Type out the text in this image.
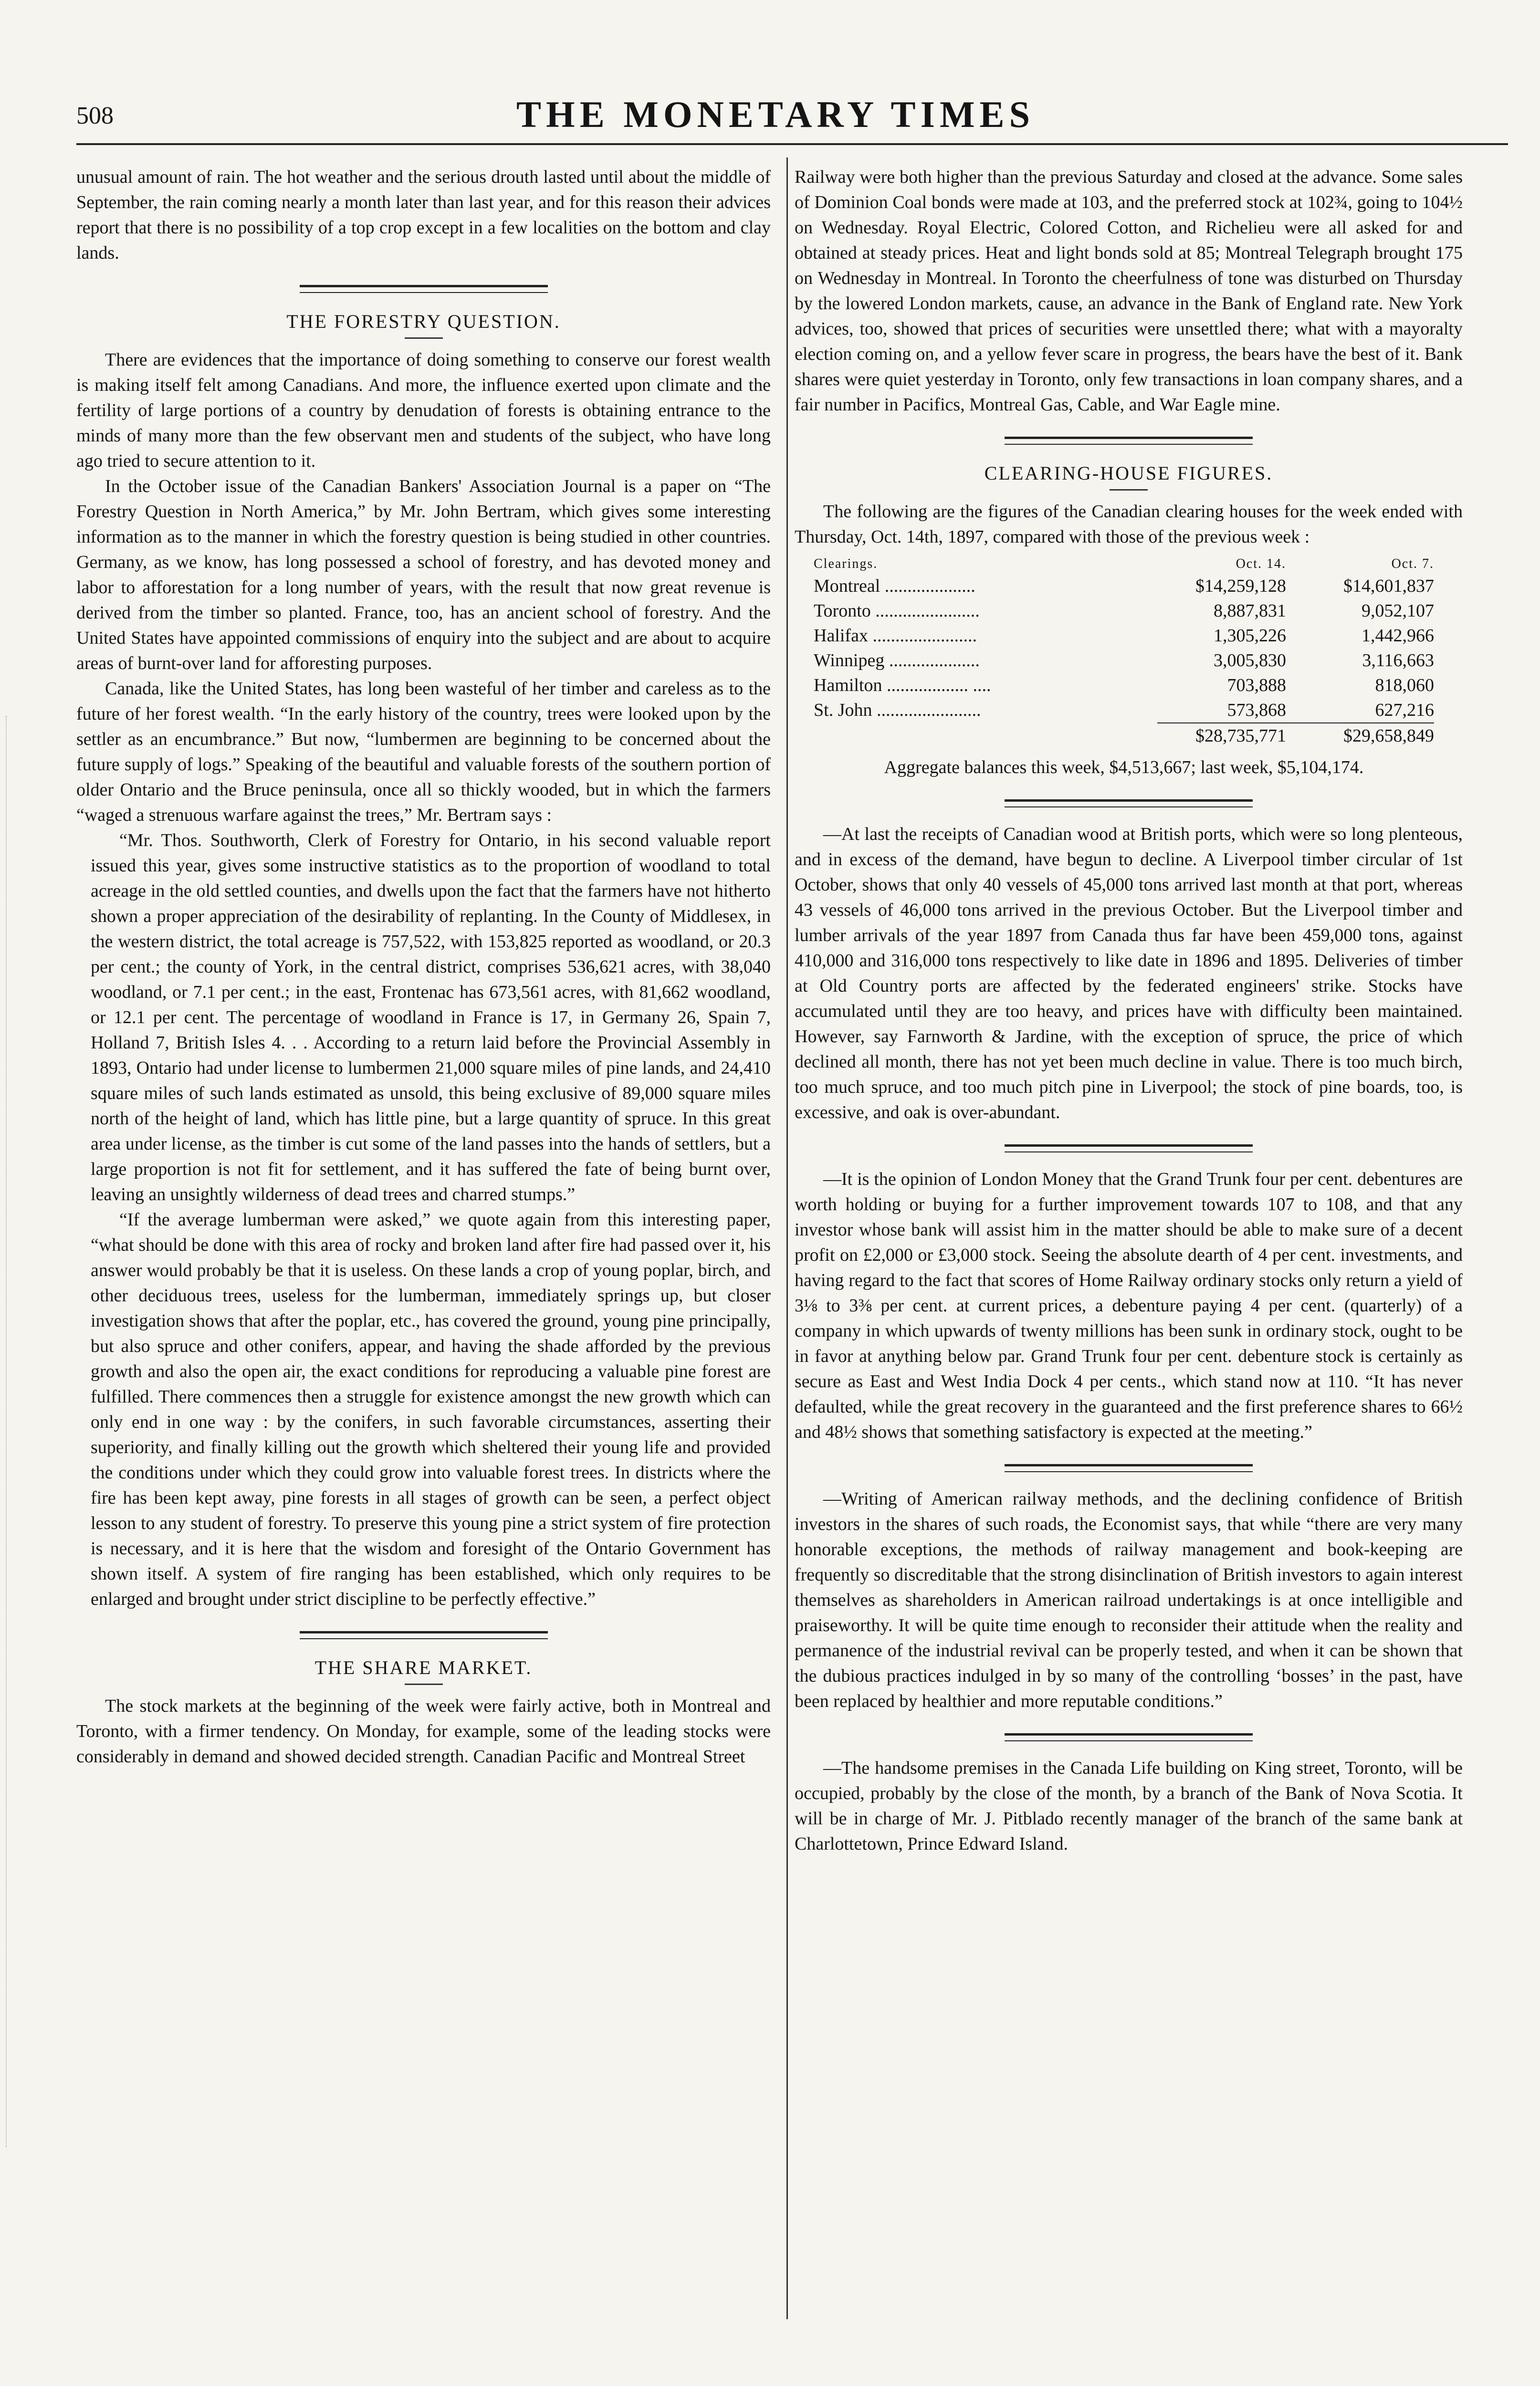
508	THE MONETARY TIMES

unusual amount of rain. The hot weather and the serious drouth lasted until about the middle of September, the rain coming nearly a month later than last year, and for this reason their advices report that there is no possibility of a top crop except in a few localities on the bottom and clay lands.

THE FORESTRY QUESTION.

There are evidences that the importance of doing something to conserve our forest wealth is making itself felt among Canadians. And more, the influence exerted upon climate and the fertility of large portions of a country by denudation of forests is obtaining entrance to the minds of many more than the few observant men and students of the subject, who have long ago tried to secure attention to it.

In the October issue of the Canadian Bankers' Association Journal is a paper on “The Forestry Question in North America,” by Mr. John Bertram, which gives some interesting information as to the manner in which the forestry question is being studied in other countries. Germany, as we know, has long possessed a school of forestry, and has devoted money and labor to afforestation for a long number of years, with the result that now great revenue is derived from the timber so planted. France, too, has an ancient school of forestry. And the United States have appointed commissions of enquiry into the subject and are about to acquire areas of burnt-over land for afforesting purposes.

Canada, like the United States, has long been wasteful of her timber and careless as to the future of her forest wealth. “In the early history of the country, trees were looked upon by the settler as an encumbrance.” But now, “lumbermen are beginning to be concerned about the future supply of logs.” Speaking of the beautiful and valuable forests of the southern portion of older Ontario and the Bruce peninsula, once all so thickly wooded, but in which the farmers “waged a strenuous warfare against the trees,” Mr. Bertram says :

“Mr. Thos. Southworth, Clerk of Forestry for Ontario, in his second valuable report issued this year, gives some instructive statistics as to the proportion of woodland to total acreage in the old settled counties, and dwells upon the fact that the farmers have not hitherto shown a proper appreciation of the desirability of replanting. In the County of Middlesex, in the western district, the total acreage is 757,522, with 153,825 reported as woodland, or 20.3 per cent.; the county of York, in the central district, comprises 536,621 acres, with 38,040 woodland, or 7.1 per cent.; in the east, Frontenac has 673,561 acres, with 81,662 woodland, or 12.1 per cent. The percentage of woodland in France is 17, in Germany 26, Spain 7, Holland 7, British Isles 4. . . According to a return laid before the Provincial Assembly in 1893, Ontario had under license to lumbermen 21,000 square miles of pine lands, and 24,410 square miles of such lands estimated as unsold, this being exclusive of 89,000 square miles north of the height of land, which has little pine, but a large quantity of spruce. In this great area under license, as the timber is cut some of the land passes into the hands of settlers, but a large proportion is not fit for settlement, and it has suffered the fate of being burnt over, leaving an unsightly wilderness of dead trees and charred stumps.”

“If the average lumberman were asked,” we quote again from this interesting paper, “what should be done with this area of rocky and broken land after fire had passed over it, his answer would probably be that it is useless. On these lands a crop of young poplar, birch, and other deciduous trees, useless for the lumberman, immediately springs up, but closer investigation shows that after the poplar, etc., has covered the ground, young pine principally, but also spruce and other conifers, appear, and having the shade afforded by the previous growth and also the open air, the exact conditions for reproducing a valuable pine forest are fulfilled. There commences then a struggle for existence amongst the new growth which can only end in one way : by the conifers, in such favorable circumstances, asserting their superiority, and finally killing out the growth which sheltered their young life and provided the conditions under which they could grow into valuable forest trees. In districts where the fire has been kept away, pine forests in all stages of growth can be seen, a perfect object lesson to any student of forestry. To preserve this young pine a strict system of fire protection is necessary, and it is here that the wisdom and foresight of the Ontario Government has shown itself. A system of fire ranging has been established, which only requires to be enlarged and brought under strict discipline to be perfectly effective.”

THE SHARE MARKET.

The stock markets at the beginning of the week were fairly active, both in Montreal and Toronto, with a firmer tendency. On Monday, for example, some of the leading stocks were considerably in demand and showed decided strength. Canadian Pacific and Montreal Street

Railway were both higher than the previous Saturday and closed at the advance. Some sales of Dominion Coal bonds were made at 103, and the preferred stock at 102¾, going to 104½ on Wednesday. Royal Electric, Colored Cotton, and Richelieu were all asked for and obtained at steady prices. Heat and light bonds sold at 85; Montreal Telegraph brought 175 on Wednesday in Montreal. In Toronto the cheerfulness of tone was disturbed on Thursday by the lowered London markets, cause, an advance in the Bank of England rate. New York advices, too, showed that prices of securities were unsettled there; what with a mayoralty election coming on, and a yellow fever scare in progress, the bears have the best of it. Bank shares were quiet yesterday in Toronto, only few transactions in loan company shares, and a fair number in Pacifics, Montreal Gas, Cable, and War Eagle mine.

CLEARING-HOUSE FIGURES.

The following are the figures of the Canadian clearing houses for the week ended with Thursday, Oct. 14th, 1897, compared with those of the previous week :

Clearings.	Oct. 14.	Oct. 7.
Montreal ....................	$14,259,128	$14,601,837
Toronto .......................	8,887,831	9,052,107
Halifax .......................	1,305,226	1,442,966
Winnipeg ....................	3,005,830	3,116,663
Hamilton .................. ....	703,888	818,060
St. John .......................	573,868	627,216
$28,735,771	$29,658,849

Aggregate balances this week, $4,513,667; last week, $5,104,174.

—At last the receipts of Canadian wood at British ports, which were so long plenteous, and in excess of the demand, have begun to decline. A Liverpool timber circular of 1st October, shows that only 40 vessels of 45,000 tons arrived last month at that port, whereas 43 vessels of 46,000 tons arrived in the previous October. But the Liverpool timber and lumber arrivals of the year 1897 from Canada thus far have been 459,000 tons, against 410,000 and 316,000 tons respectively to like date in 1896 and 1895. Deliveries of timber at Old Country ports are affected by the federated engineers' strike. Stocks have accumulated until they are too heavy, and prices have with difficulty been maintained. However, say Farnworth & Jardine, with the exception of spruce, the price of which declined all month, there has not yet been much decline in value. There is too much birch, too much spruce, and too much pitch pine in Liverpool; the stock of pine boards, too, is excessive, and oak is over-abundant.

—It is the opinion of London Money that the Grand Trunk four per cent. debentures are worth holding or buying for a further improvement towards 107 to 108, and that any investor whose bank will assist him in the matter should be able to make sure of a decent profit on £2,000 or £3,000 stock. Seeing the absolute dearth of 4 per cent. investments, and having regard to the fact that scores of Home Railway ordinary stocks only return a yield of 3⅛ to 3⅜ per cent. at current prices, a debenture paying 4 per cent. (quarterly) of a company in which upwards of twenty millions has been sunk in ordinary stock, ought to be in favor at anything below par. Grand Trunk four per cent. debenture stock is certainly as secure as East and West India Dock 4 per cents., which stand now at 110. “It has never defaulted, while the great recovery in the guaranteed and the first preference shares to 66½ and 48½ shows that something satisfactory is expected at the meeting.”

—Writing of American railway methods, and the declining confidence of British investors in the shares of such roads, the Economist says, that while “there are very many honorable exceptions, the methods of railway management and book-keeping are frequently so discreditable that the strong disinclination of British investors to again interest themselves as shareholders in American railroad undertakings is at once intelligible and praiseworthy. It will be quite time enough to reconsider their attitude when the reality and permanence of the industrial revival can be properly tested, and when it can be shown that the dubious practices indulged in by so many of the controlling ‘bosses’ in the past, have been replaced by healthier and more reputable conditions.”

—The handsome premises in the Canada Life building on King street, Toronto, will be occupied, probably by the close of the month, by a branch of the Bank of Nova Scotia. It will be in charge of Mr. J. Pitblado recently manager of the branch of the same bank at Charlottetown, Prince Edward Island.
